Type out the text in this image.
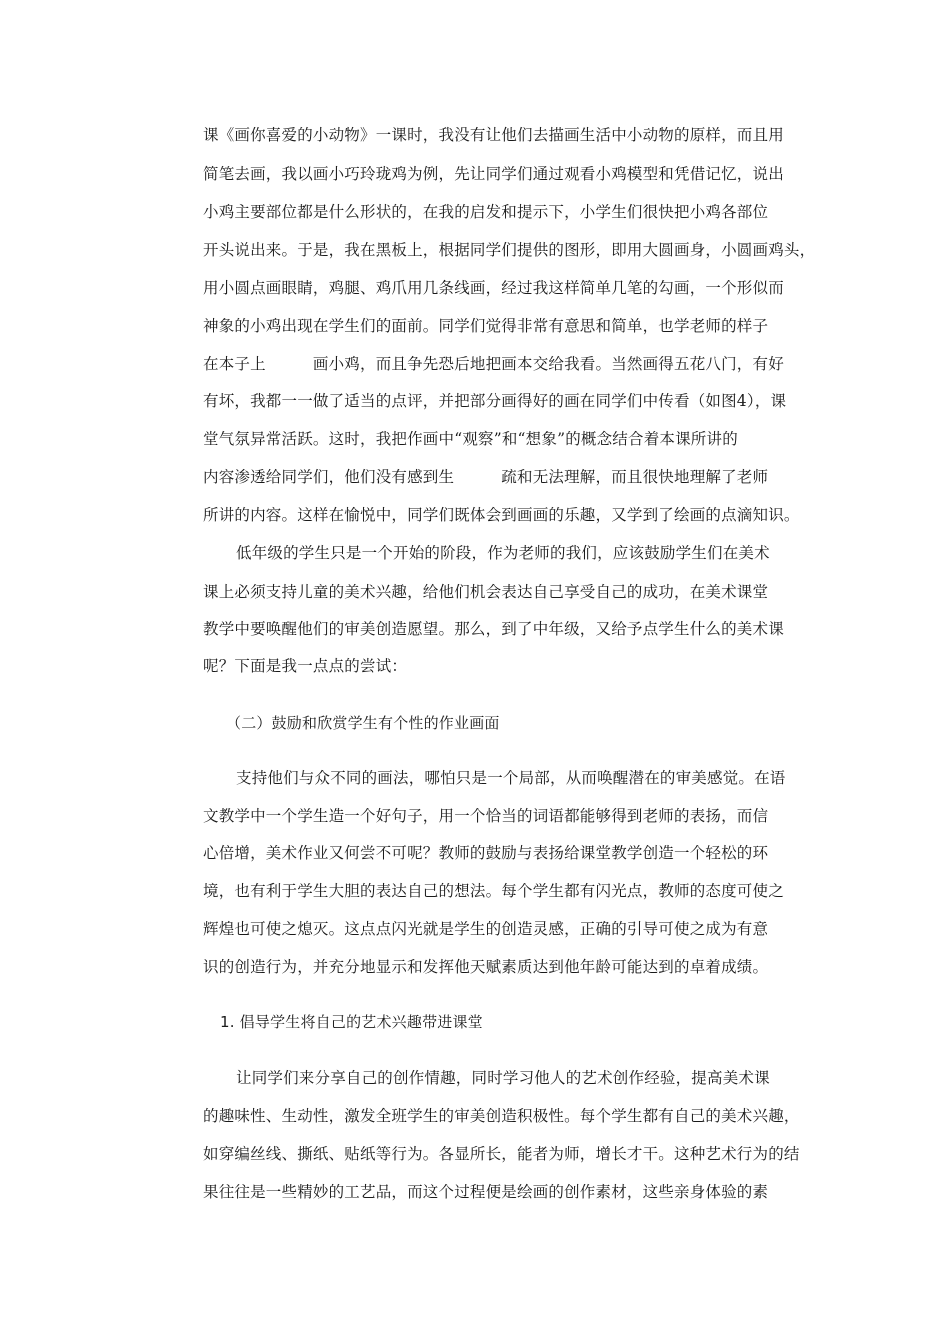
课《画你喜爱的小动物》一课时，我没有让他们去描画生活中小动物的原样，而且用
简笔去画，我以画小巧玲珑鸡为例，先让同学们通过观看小鸡模型和凭借记忆，说出
小鸡主要部位都是什么形状的，在我的启发和提示下，小学生们很快把小鸡各部位
开头说出来。于是，我在黑板上，根据同学们提供的图形，即用大圆画身，小圆画鸡头，
用小圆点画眼睛，鸡腿、鸡爪用几条线画，经过我这样简单几笔的勾画，一个形似而
神象的小鸡出现在学生们的面前。同学们觉得非常有意思和简单，也学老师的样子
在本子上　　　画小鸡，而且争先恐后地把画本交给我看。当然画得五花八门，有好
有坏，我都一一做了适当的点评，并把部分画得好的画在同学们中传看（如图4），课
堂气氛异常活跃。这时，我把作画中“观察”和“想象”的概念结合着本课所讲的
内容渗透给同学们，他们没有感到生　　　疏和无法理解，而且很快地理解了老师
所讲的内容。这样在愉悦中，同学们既体会到画画的乐趣，又学到了绘画的点滴知识。
低年级的学生只是一个开始的阶段，作为老师的我们，应该鼓励学生们在美术
课上必须支持儿童的美术兴趣，给他们机会表达自己享受自己的成功，在美术课堂
教学中要唤醒他们的审美创造愿望。那么，到了中年级，又给予点学生什么的美术课
呢？下面是我一点点的尝试：
（二）鼓励和欣赏学生有个性的作业画面
支持他们与众不同的画法，哪怕只是一个局部，从而唤醒潜在的审美感觉。在语
文教学中一个学生造一个好句子，用一个恰当的词语都能够得到老师的表扬，而信
心倍增，美术作业又何尝不可呢？教师的鼓励与表扬给课堂教学创造一个轻松的环
境，也有利于学生大胆的表达自己的想法。每个学生都有闪光点，教师的态度可使之
辉煌也可使之熄灭。这点点闪光就是学生的创造灵感，正确的引导可使之成为有意
识的创造行为，并充分地显示和发挥他天赋素质达到他年龄可能达到的卓着成绩。
1. 倡导学生将自己的艺术兴趣带进课堂
让同学们来分享自己的创作情趣，同时学习他人的艺术创作经验，提高美术课
的趣味性、生动性，激发全班学生的审美创造积极性。每个学生都有自己的美术兴趣，
如穿编丝线、撕纸、贴纸等行为。各显所长，能者为师，增长才干。这种艺术行为的结
果往往是一些精妙的工艺品，而这个过程便是绘画的创作素材，这些亲身体验的素
